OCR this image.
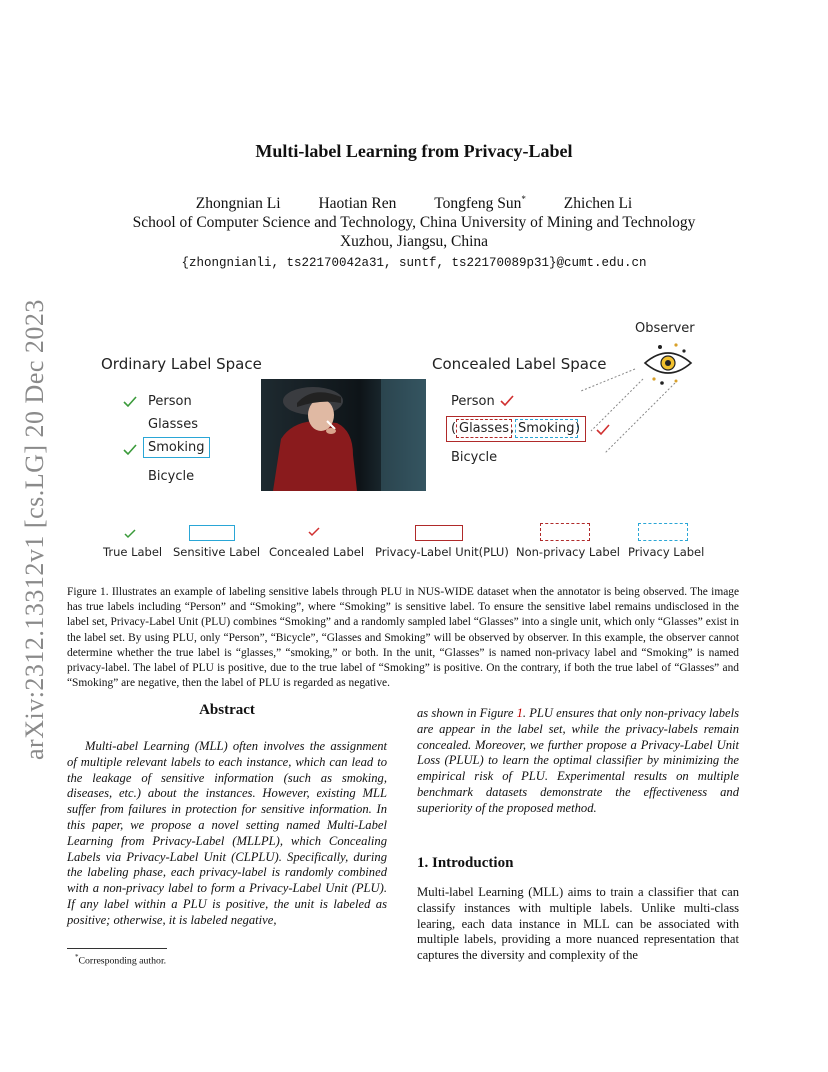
arXiv:2312.13312v1 [cs.LG] 20 Dec 2023
Multi-label Learning from Privacy-Label
Zhongnian Li Haotian Ren Tongfeng Sun* Zhichen Li
School of Computer Science and Technology, China University of Mining and Technology
Xuzhou, Jiangsu, China
{zhongnianli, ts22170042a31, suntf, ts22170089p31}@cumt.edu.cn
Ordinary Label Space	Concealed Label Space
Observer
Person
Glasses
Smoking
Bicycle
Person
( Glasses , Smoking )
Bicycle
True Label Sensitive Label Concealed Label Privacy-Label Unit(PLU) Non-privacy Label Privacy Label

Figure 1. Illustrates an example of labeling sensitive labels through PLU in NUS-WIDE dataset when the annotator is being observed. The image has true labels including “Person” and “Smoking”, where “Smoking” is sensitive label. To ensure the sensitive label remains undisclosed in the label set, Privacy-Label Unit (PLU) combines “Smoking” and a randomly sampled label “Glasses” into a single unit, which only “Glasses” exist in the label set. By using PLU, only “Person”, “Bicycle”, “Glasses and Smoking” will be observed by observer. In this example, the observer cannot determine whether the true label is “glasses,” “smoking,” or both. In the unit, “Glasses” is named non-privacy label and “Smoking” is named privacy-label. The label of PLU is positive, due to the true label of “Smoking” is positive. On the contrary, if both the true label of “Glasses” and “Smoking” are negative, then the label of PLU is regarded as negative.

Abstract

Multi-abel Learning (MLL) often involves the assignment of multiple relevant labels to each instance, which can lead to the leakage of sensitive information (such as smoking, diseases, etc.) about the instances. However, existing MLL suffer from failures in protection for sensitive information. In this paper, we propose a novel setting named Multi-Label Learning from Privacy-Label (MLLPL), which Concealing Labels via Privacy-Label Unit (CLPLU). Specifically, during the labeling phase, each privacy-label is randomly combined with a non-privacy label to form a Privacy-Label Unit (PLU). If any label within a PLU is positive, the unit is labeled as positive; otherwise, it is labeled negative,

as shown in Figure 1. PLU ensures that only non-privacy labels are appear in the label set, while the privacy-labels remain concealed. Moreover, we further propose a Privacy-Label Unit Loss (PLUL) to learn the optimal classifier by minimizing the empirical risk of PLU. Experimental results on multiple benchmark datasets demonstrate the effectiveness and superiority of the proposed method.

1. Introduction

Multi-label Learning (MLL) aims to train a classifier that can classify instances with multiple labels. Unlike multi-class learing, each data instance in MLL can be associated with multiple labels, providing a more nuanced representation that captures the diversity and complexity of the

*Corresponding author.
